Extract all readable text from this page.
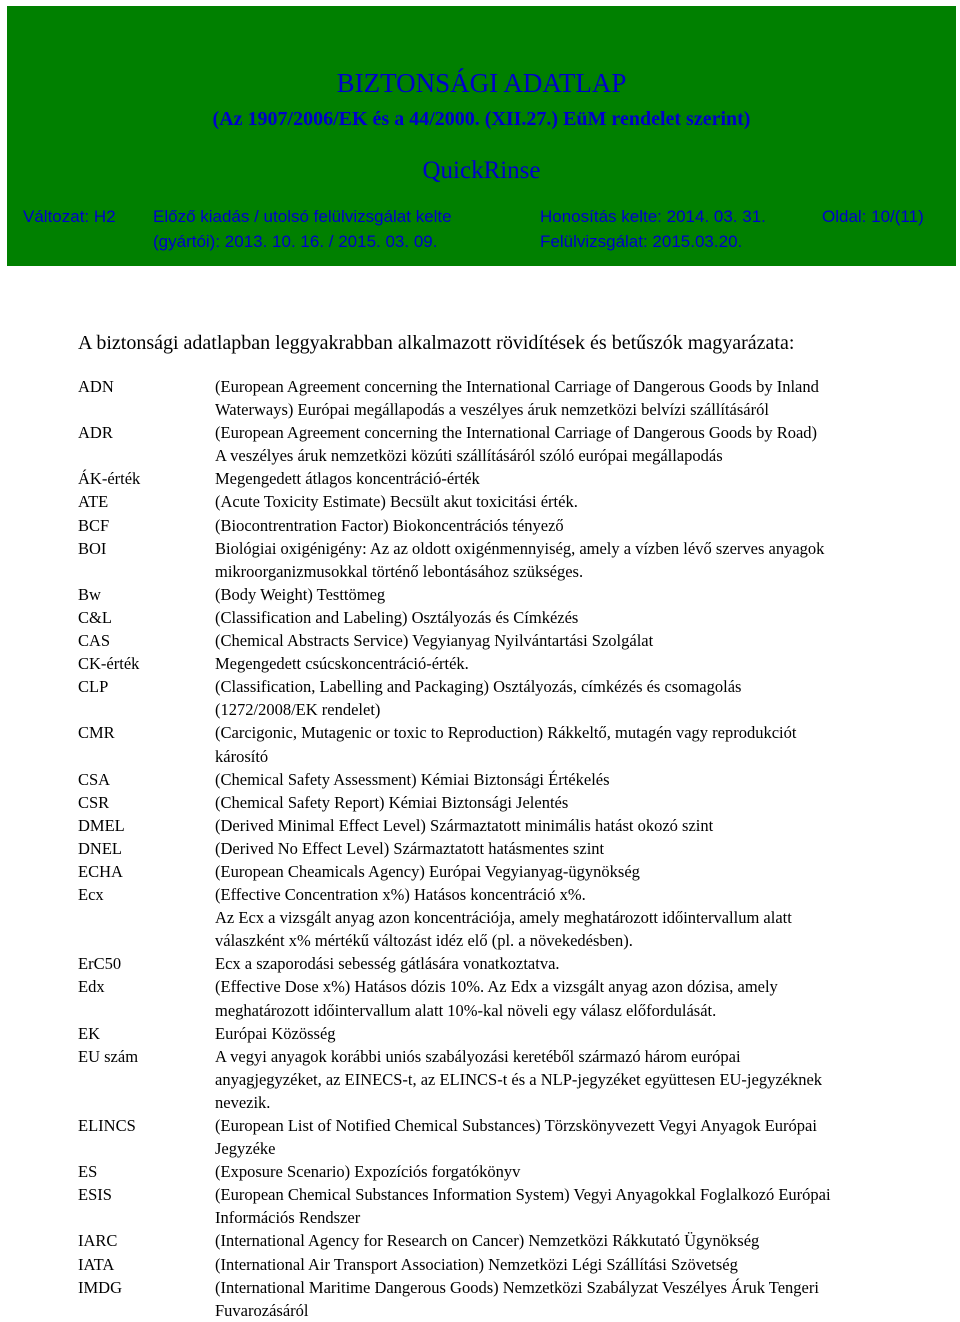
BIZTONSÁGI ADATLAP
(Az 1907/2006/EK és a 44/2000. (XII.27.) EüM rendelet szerint)
QuickRinse
Változat: H2 Előző kiadás / utolsó felülvizsgálat kelte
(gyártói): 2013. 10. 16. / 2015. 03. 09.
Honosítás kelte: 2014. 03. 31.
Felülvizsgálat: 2015.03.20.
Oldal: 10/(11)
A biztonsági adatlapban leggyakrabban alkalmazott rövidítések és betűszók magyarázata:
ADN	(European Agreement concerning the International Carriage of Dangerous Goods by Inland
Waterways) Európai megállapodás a veszélyes áruk nemzetközi belvízi szállításáról
ADR	(European Agreement concerning the International Carriage of Dangerous Goods by Road)
A veszélyes áruk nemzetközi közúti szállításáról szóló európai megállapodás
ÁK-érték	Megengedett átlagos koncentráció-érték
ATE	(Acute Toxicity Estimate) Becsült akut toxicitási érték.
BCF	(Biocontrentration Factor) Biokoncentrációs tényező
BOI	Biológiai oxigénigény: Az az oldott oxigénmennyiség, amely a vízben lévő szerves anyagok
mikroorganizmusokkal történő lebontásához szükséges.
Bw	(Body Weight) Testtömeg
C&L	(Classification and Labeling) Osztályozás és Címkézés
CAS	(Chemical Abstracts Service) Vegyianyag Nyilvántartási Szolgálat
CK-érték	Megengedett csúcskoncentráció-érték.
CLP	(Classification, Labelling and Packaging) Osztályozás, címkézés és csomagolás
(1272/2008/EK rendelet)
CMR	(Carcigonic, Mutagenic or toxic to Reproduction) Rákkeltő, mutagén vagy reprodukciót
károsító
CSA	(Chemical Safety Assessment) Kémiai Biztonsági Értékelés
CSR	(Chemical Safety Report) Kémiai Biztonsági Jelentés
DMEL	(Derived Minimal Effect Level) Származtatott minimális hatást okozó szint
DNEL	(Derived No Effect Level) Származtatott hatásmentes szint
ECHA	(European Cheamicals Agency) Európai Vegyianyag-ügynökség
Ecx	(Effective Concentration x%) Hatásos koncentráció x%.
Az Ecx a vizsgált anyag azon koncentrációja, amely meghatározott időintervallum alatt
válaszként x% mértékű változást idéz elő (pl. a növekedésben).
ErC50	Ecx a szaporodási sebesség gátlására vonatkoztatva.
Edx	(Effective Dose x%) Hatásos dózis 10%. Az Edx a vizsgált anyag azon dózisa, amely
meghatározott időintervallum alatt 10%-kal növeli egy válasz előfordulását.
EK	Európai Közösség
EU szám	A vegyi anyagok korábbi uniós szabályozási keretéből származó három európai
anyagjegyzéket, az EINECS-t, az ELINCS-t és a NLP-jegyzéket együttesen EU-jegyzéknek
nevezik.
ELINCS	(European List of Notified Chemical Substances) Törzskönyvezett Vegyi Anyagok Európai
Jegyzéke
ES	(Exposure Scenario) Expozíciós forgatókönyv
ESIS	(European Chemical Substances Information System) Vegyi Anyagokkal Foglalkozó Európai
Információs Rendszer
IARC	(International Agency for Research on Cancer) Nemzetközi Rákkutató Ügynökség
IATA	(International Air Transport Association) Nemzetközi Légi Szállítási Szövetség
IMDG	(International Maritime Dangerous Goods) Nemzetközi Szabályzat Veszélyes Áruk Tengeri
Fuvarozásáról
